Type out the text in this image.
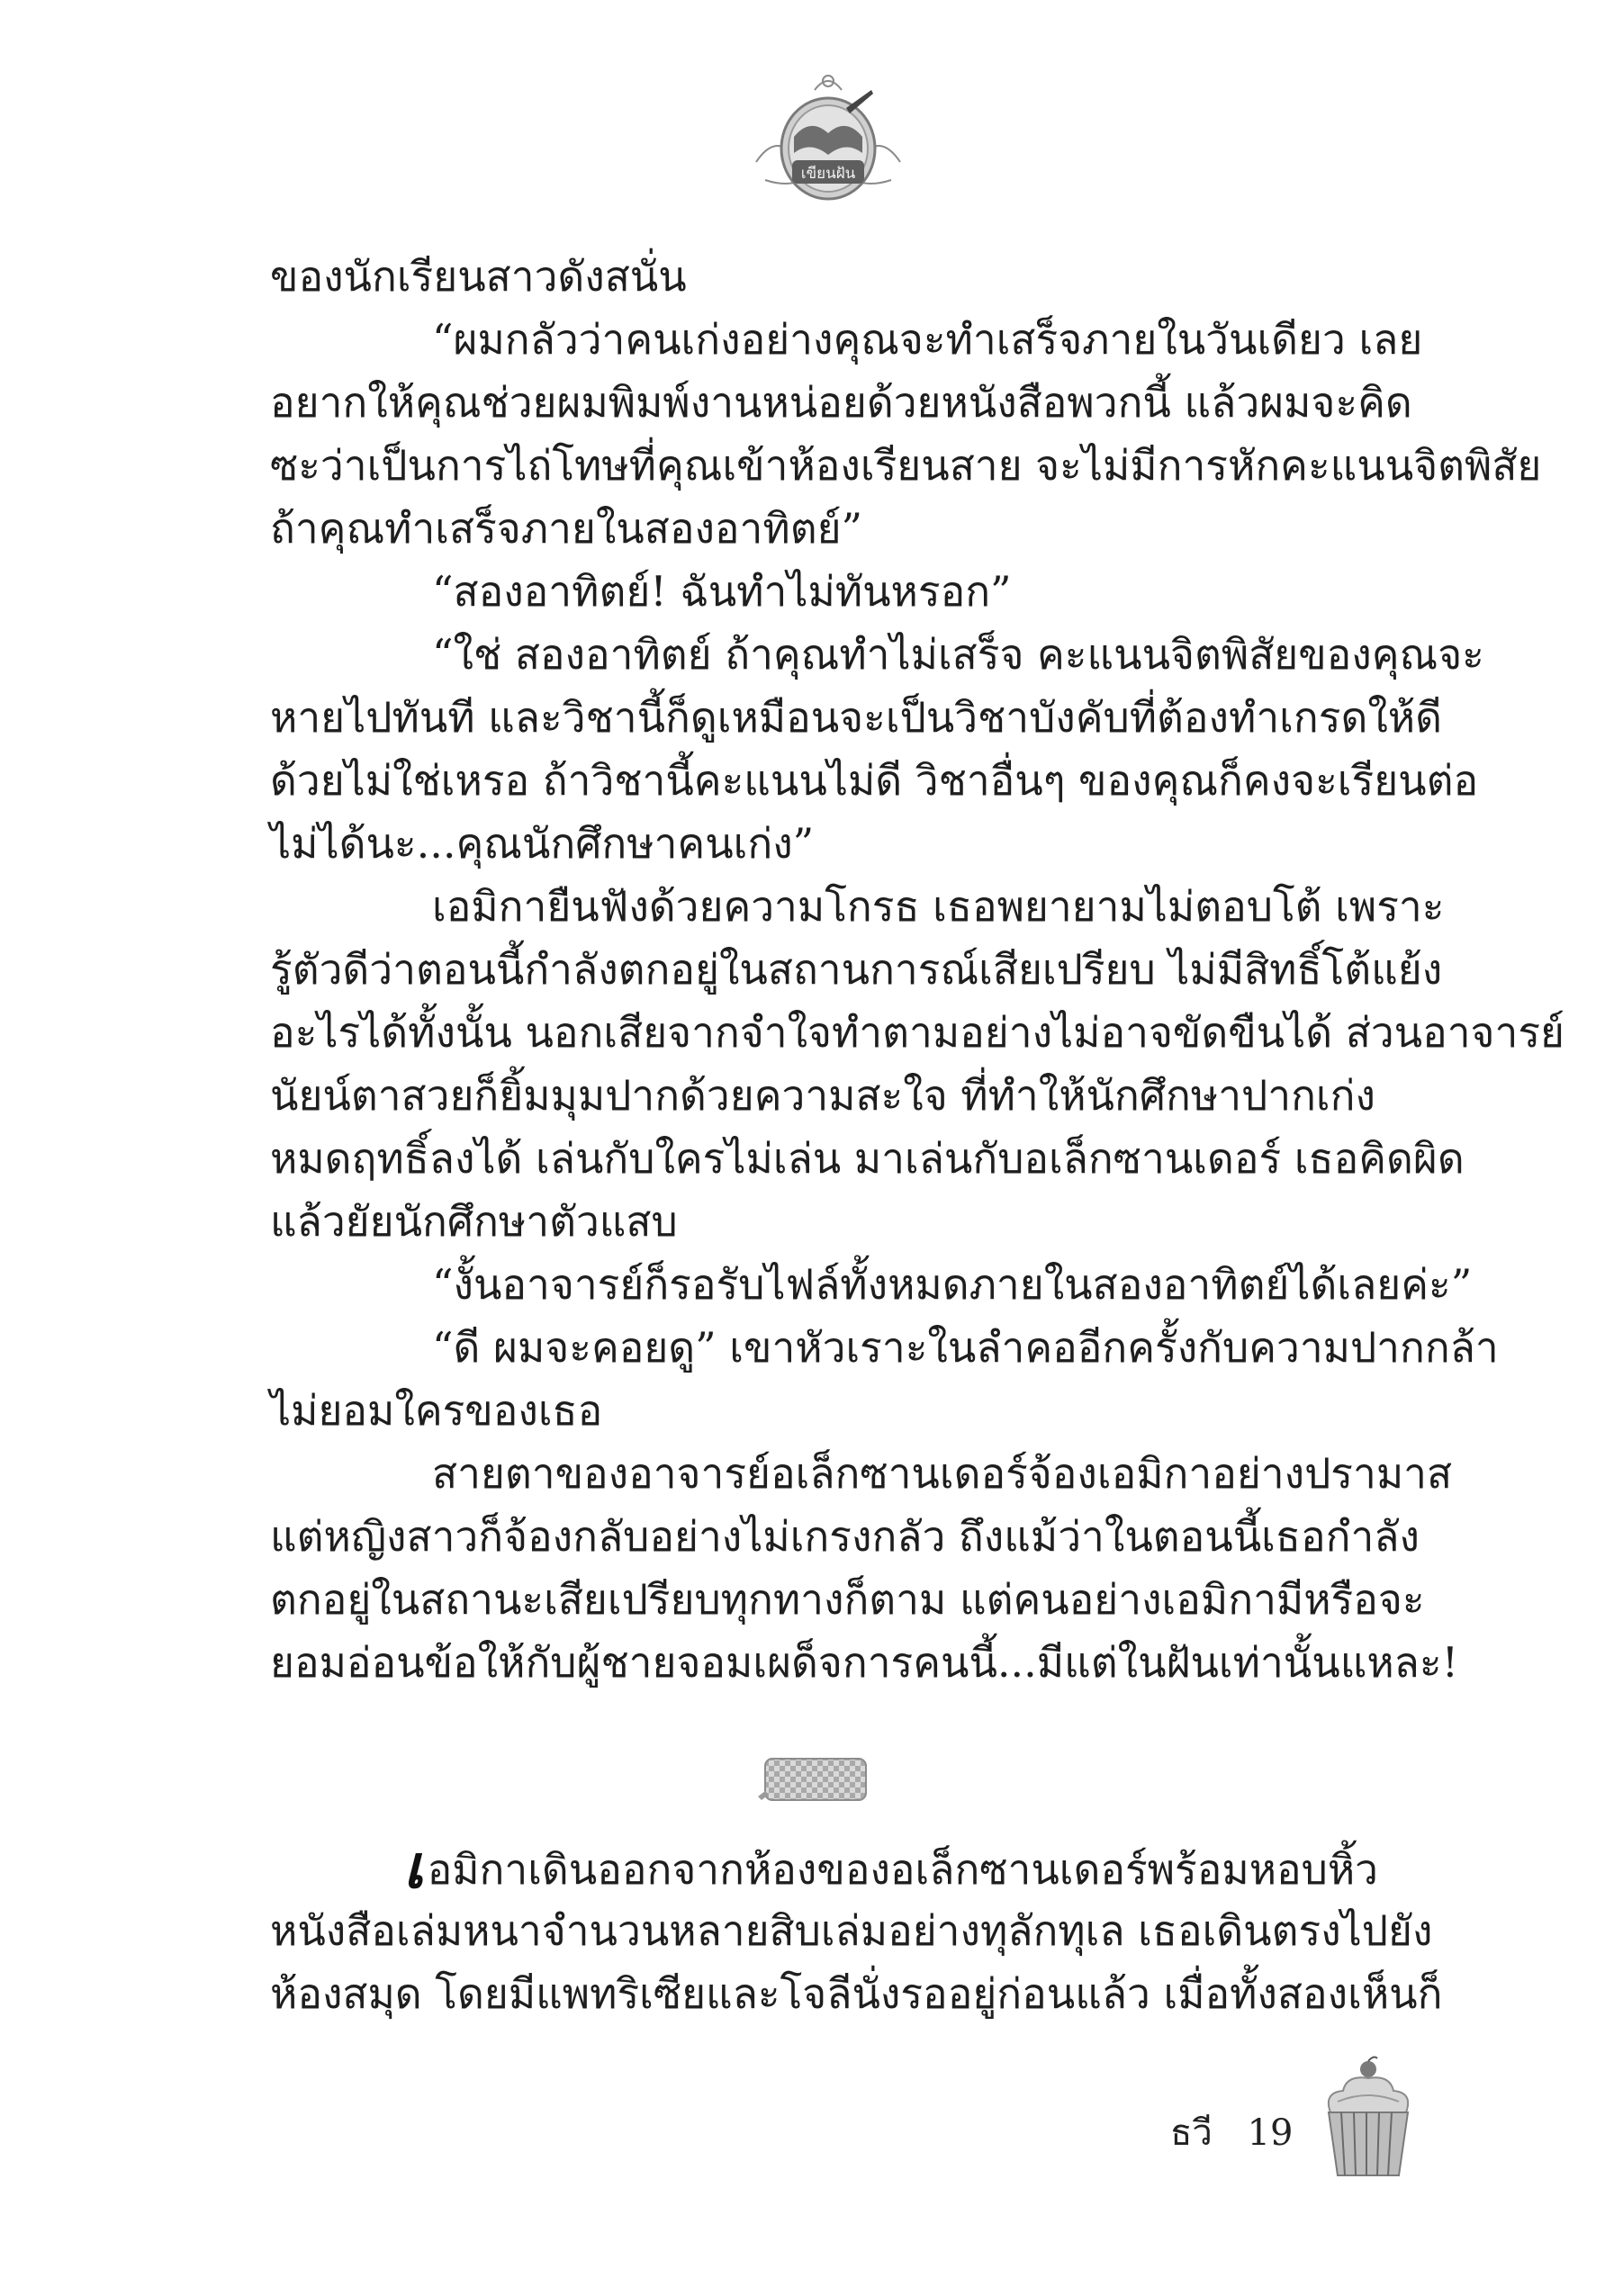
เขียนฝัน
ของนักเรียนสาวดังสนั่น
“ผมกลัวว่าคนเก่งอย่างคุณจะทำเสร็จภายในวันเดียว เลย
อยากให้คุณช่วยผมพิมพ์งานหน่อยด้วยหนังสือพวกนี้ แล้วผมจะคิด
ซะว่าเป็นการไถ่โทษที่คุณเข้าห้องเรียนสาย จะไม่มีการหักคะแนนจิตพิสัย
ถ้าคุณทำเสร็จภายในสองอาทิตย์”
“สองอาทิตย์! ฉันทำไม่ทันหรอก”
“ใช่ สองอาทิตย์ ถ้าคุณทำไม่เสร็จ คะแนนจิตพิสัยของคุณจะ
หายไปทันที และวิชานี้ก็ดูเหมือนจะเป็นวิชาบังคับที่ต้องทำเกรดให้ดี
ด้วยไม่ใช่เหรอ ถ้าวิชานี้คะแนนไม่ดี วิชาอื่นๆ ของคุณก็คงจะเรียนต่อ
ไม่ได้นะ...คุณนักศึกษาคนเก่ง”
เอมิกายืนฟังด้วยความโกรธ เธอพยายามไม่ตอบโต้ เพราะ
รู้ตัวดีว่าตอนนี้กำลังตกอยู่ในสถานการณ์เสียเปรียบ ไม่มีสิทธิ์โต้แย้ง
อะไรได้ทั้งนั้น นอกเสียจากจำใจทำตามอย่างไม่อาจขัดขืนได้ ส่วนอาจารย์
นัยน์ตาสวยก็ยิ้มมุมปากด้วยความสะใจ ที่ทำให้นักศึกษาปากเก่ง
หมดฤทธิ์ลงได้ เล่นกับใครไม่เล่น มาเล่นกับอเล็กซานเดอร์ เธอคิดผิด
แล้วยัยนักศึกษาตัวแสบ
“งั้นอาจารย์ก็รอรับไฟล์ทั้งหมดภายในสองอาทิตย์ได้เลยค่ะ”
“ดี ผมจะคอยดู” เขาหัวเราะในลำคออีกครั้งกับความปากกล้า
ไม่ยอมใครของเธอ
สายตาของอาจารย์อเล็กซานเดอร์จ้องเอมิกาอย่างปรามาส
แต่หญิงสาวก็จ้องกลับอย่างไม่เกรงกลัว ถึงแม้ว่าในตอนนี้เธอกำลัง
ตกอยู่ในสถานะเสียเปรียบทุกทางก็ตาม แต่คนอย่างเอมิกามีหรือจะ
ยอมอ่อนข้อให้กับผู้ชายจอมเผด็จการคนนี้...มีแต่ในฝันเท่านั้นแหละ!
เอมิกาเดินออกจากห้องของอเล็กซานเดอร์พร้อมหอบหิ้ว
หนังสือเล่มหนาจำนวนหลายสิบเล่มอย่างทุลักทุเล เธอเดินตรงไปยัง
ห้องสมุด โดยมีแพทริเซียและโจลีนั่งรออยู่ก่อนแล้ว เมื่อทั้งสองเห็นก็
ธวี 19
